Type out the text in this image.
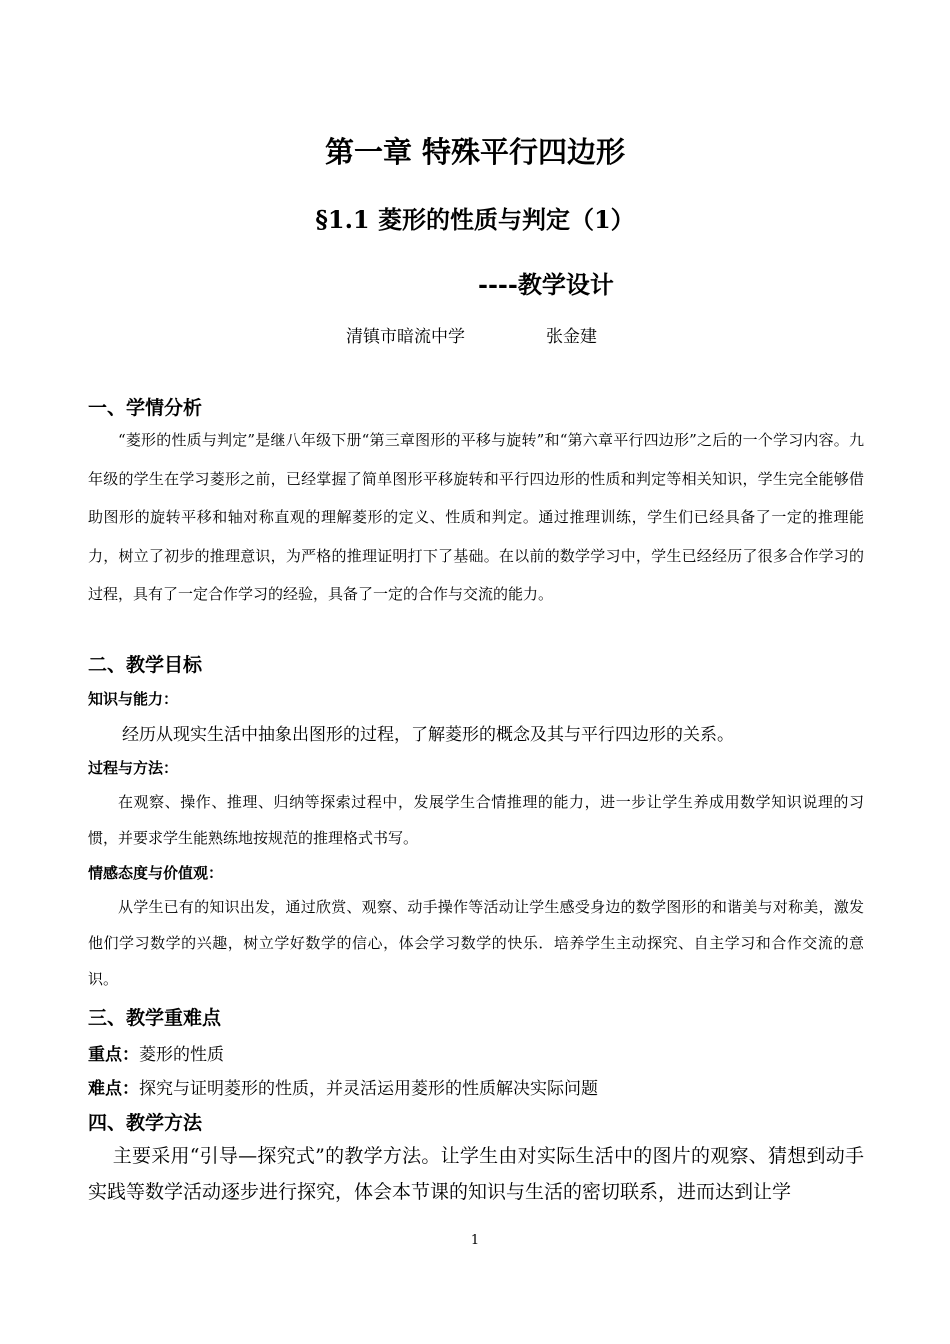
第一章 特殊平行四边形
§1.1 菱形的性质与判定（1）
----教学设计
清镇市暗流中学	张金建
一、学情分析
“菱形的性质与判定”是继八年级下册“第三章图形的平移与旋转”和“第六章平行四边形”之后的一个学习内容。九年级的学生在学习菱形之前，已经掌握了简单图形平移旋转和平行四边形的性质和判定等相关知识，学生完全能够借助图形的旋转平移和轴对称直观的理解菱形的定义、性质和判定。通过推理训练，学生们已经具备了一定的推理能力，树立了初步的推理意识，为严格的推理证明打下了基础。在以前的数学学习中，学生已经经历了很多合作学习的过程，具有了一定合作学习的经验，具备了一定的合作与交流的能力。
二、教学目标
知识与能力：
经历从现实生活中抽象出图形的过程，了解菱形的概念及其与平行四边形的关系。
过程与方法：
在观察、操作、推理、归纳等探索过程中，发展学生合情推理的能力，进一步让学生养成用数学知识说理的习惯，并要求学生能熟练地按规范的推理格式书写。
情感态度与价值观：
从学生已有的知识出发，通过欣赏、观察、动手操作等活动让学生感受身边的数学图形的和谐美与对称美，激发他们学习数学的兴趣，树立学好数学的信心，体会学习数学的快乐．培养学生主动探究、自主学习和合作交流的意识。
三、教学重难点
重点：菱形的性质
难点：探究与证明菱形的性质，并灵活运用菱形的性质解决实际问题
四、教学方法
主要采用“引导—探究式”的教学方法。让学生由对实际生活中的图片的观察、猜想到动手实践等数学活动逐步进行探究，体会本节课的知识与生活的密切联系，进而达到让学
1
